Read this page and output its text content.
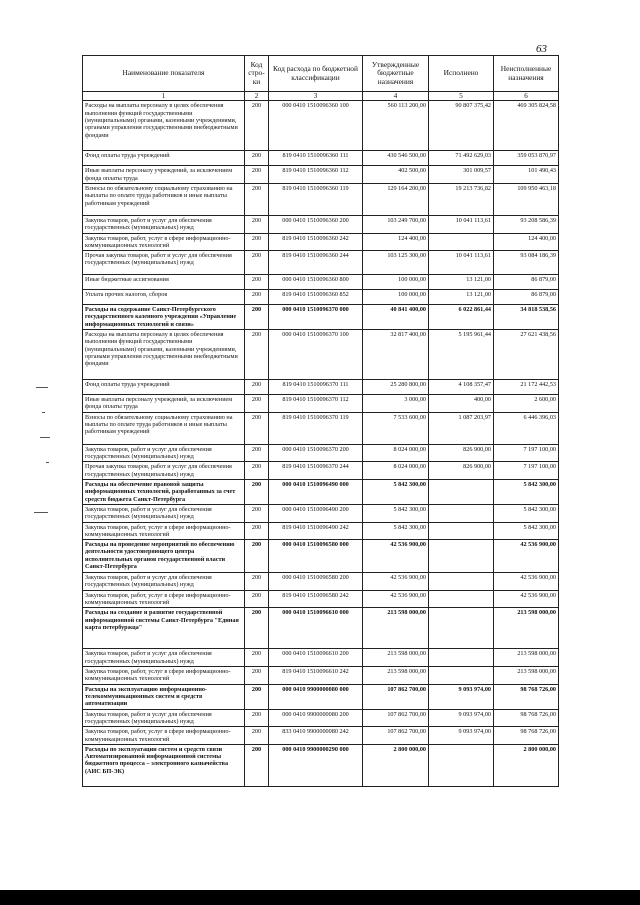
63
Наименование показателя	Код стро-ки	Код расхода по бюджетной классификации	Утвержденные бюджетные назначения	Исполнено	Неисполненные назначения
1	2	3	4	5	6
Расходы на выплаты персоналу в целях обеспечения выполнения функций государственными (муниципальными) органами, казенными учреждениями, органами управления государственными внебюджетными фондами	200	000 0410 1510096360 100	560 113 200,00	90 807 375,42	469 305 824,58
Фонд оплаты труда учреждений	200	819 0410 1510096360 111	430 546 500,00	71 492 629,03	359 053 870,97
Иные выплаты персоналу учреждений, за исключением фонда оплаты труда	200	819 0410 1510096360 112	402 500,00	301 009,57	101 490,43
Взносы по обязательному социальному страхованию на выплаты по оплате труда работников и иные выплаты работникам учреждений	200	819 0410 1510096360 119	129 164 200,00	19 213 736,82	109 950 463,18
Закупка товаров, работ и услуг для обеспечения государственных (муниципальных) нужд	200	000 0410 1510096360 200	103 249 700,00	10 041 113,61	93 208 586,39
Закупка товаров, работ, услуг в сфере информационно-коммуникационных технологий	200	819 0410 1510096360 242	124 400,00		124 400,00
Прочая закупка товаров, работ и услуг для обеспечения государственных (муниципальных) нужд	200	819 0410 1510096360 244	103 125 300,00	10 041 113,61	93 084 186,39
Иные бюджетные ассигнования	200	000 0410 1510096360 800	100 000,00	13 121,00	86 879,00
Уплата прочих налогов, сборов	200	819 0410 1510096360 852	100 000,00	13 121,00	86 879,00
Расходы на содержание Санкт-Петербургского государственного казенного учреждения «Управление информационных технологий и связи»	200	000 0410 1510096370 000	40 841 400,00	6 022 861,44	34 818 538,56
Расходы на выплаты персоналу в целях обеспечения выполнения функций государственными (муниципальными) органами, казенными учреждениями, органами управления государственными внебюджетными фондами	200	000 0410 1510096370 100	32 817 400,00	5 195 961,44	27 621 438,56
Фонд оплаты труда учреждений	200	819 0410 1510096370 111	25 280 800,00	4 108 357,47	21 172 442,53
Иные выплаты персоналу учреждений, за исключением фонда оплаты труда	200	819 0410 1510096370 112	3 000,00	400,00	2 600,00
Взносы по обязательному социальному страхованию на выплаты по оплате труда работников и иные выплаты работникам учреждений	200	819 0410 1510096370 119	7 533 600,00	1 087 203,97	6 446 396,03
Закупка товаров, работ и услуг для обеспечения государственных (муниципальных) нужд	200	000 0410 1510096370 200	8 024 000,00	826 900,00	7 197 100,00
Прочая закупка товаров, работ и услуг для обеспечения государственных (муниципальных) нужд	200	819 0410 1510096370 244	8 024 000,00	826 900,00	7 197 100,00
Расходы на обеспечение правовой защиты информационных технологий, разработанных за счет средств бюджета Санкт-Петербурга	200	000 0410 1510096490 000	5 842 300,00		5 842 300,00
Закупка товаров, работ и услуг для обеспечения государственных (муниципальных) нужд	200	000 0410 1510096490 200	5 842 300,00		5 842 300,00
Закупка товаров, работ, услуг в сфере информационно-коммуникационных технологий	200	819 0410 1510096490 242	5 842 300,00		5 842 300,00
Расходы на проведение мероприятий по обеспечению деятельности удостоверяющего центра исполнительных органов государственной власти Санкт-Петербурга	200	000 0410 1510096580 000	42 536 900,00		42 536 900,00
Закупка товаров, работ и услуг для обеспечения государственных (муниципальных) нужд	200	000 0410 1510096580 200	42 536 900,00		42 536 900,00
Закупка товаров, работ, услуг в сфере информационно-коммуникационных технологий	200	819 0410 1510096580 242	42 536 900,00		42 536 900,00
Расходы на создание и развитие государственной информационной системы Санкт-Петербурга "Единая карта петербуржца"	200	000 0410 1510096610 000	213 598 000,00		213 598 000,00
Закупка товаров, работ и услуг для обеспечения государственных (муниципальных) нужд	200	000 0410 1510096610 200	213 598 000,00		213 598 000,00
Закупка товаров, работ, услуг в сфере информационно-коммуникационных технологий	200	819 0410 1510096610 242	213 598 000,00		213 598 000,00
Расходы на эксплуатацию информационно-телекоммуникационных систем и средств автоматизации	200	000 0410 9900000080 000	107 862 700,00	9 093 974,00	98 768 726,00
Закупка товаров, работ и услуг для обеспечения государственных (муниципальных) нужд	200	000 0410 9900000080 200	107 862 700,00	9 093 974,00	98 768 726,00
Закупка товаров, работ, услуг в сфере информационно-коммуникационных технологий	200	833 0410 9900000080 242	107 862 700,00	9 093 974,00	98 768 726,00
Расходы по эксплуатации систем и средств связи Автоматизированной информационной системы бюджетного процесса – электронного казначейства (АИС БП-ЭК)	200	000 0410 9900000290 000	2 800 000,00		2 800 000,00
